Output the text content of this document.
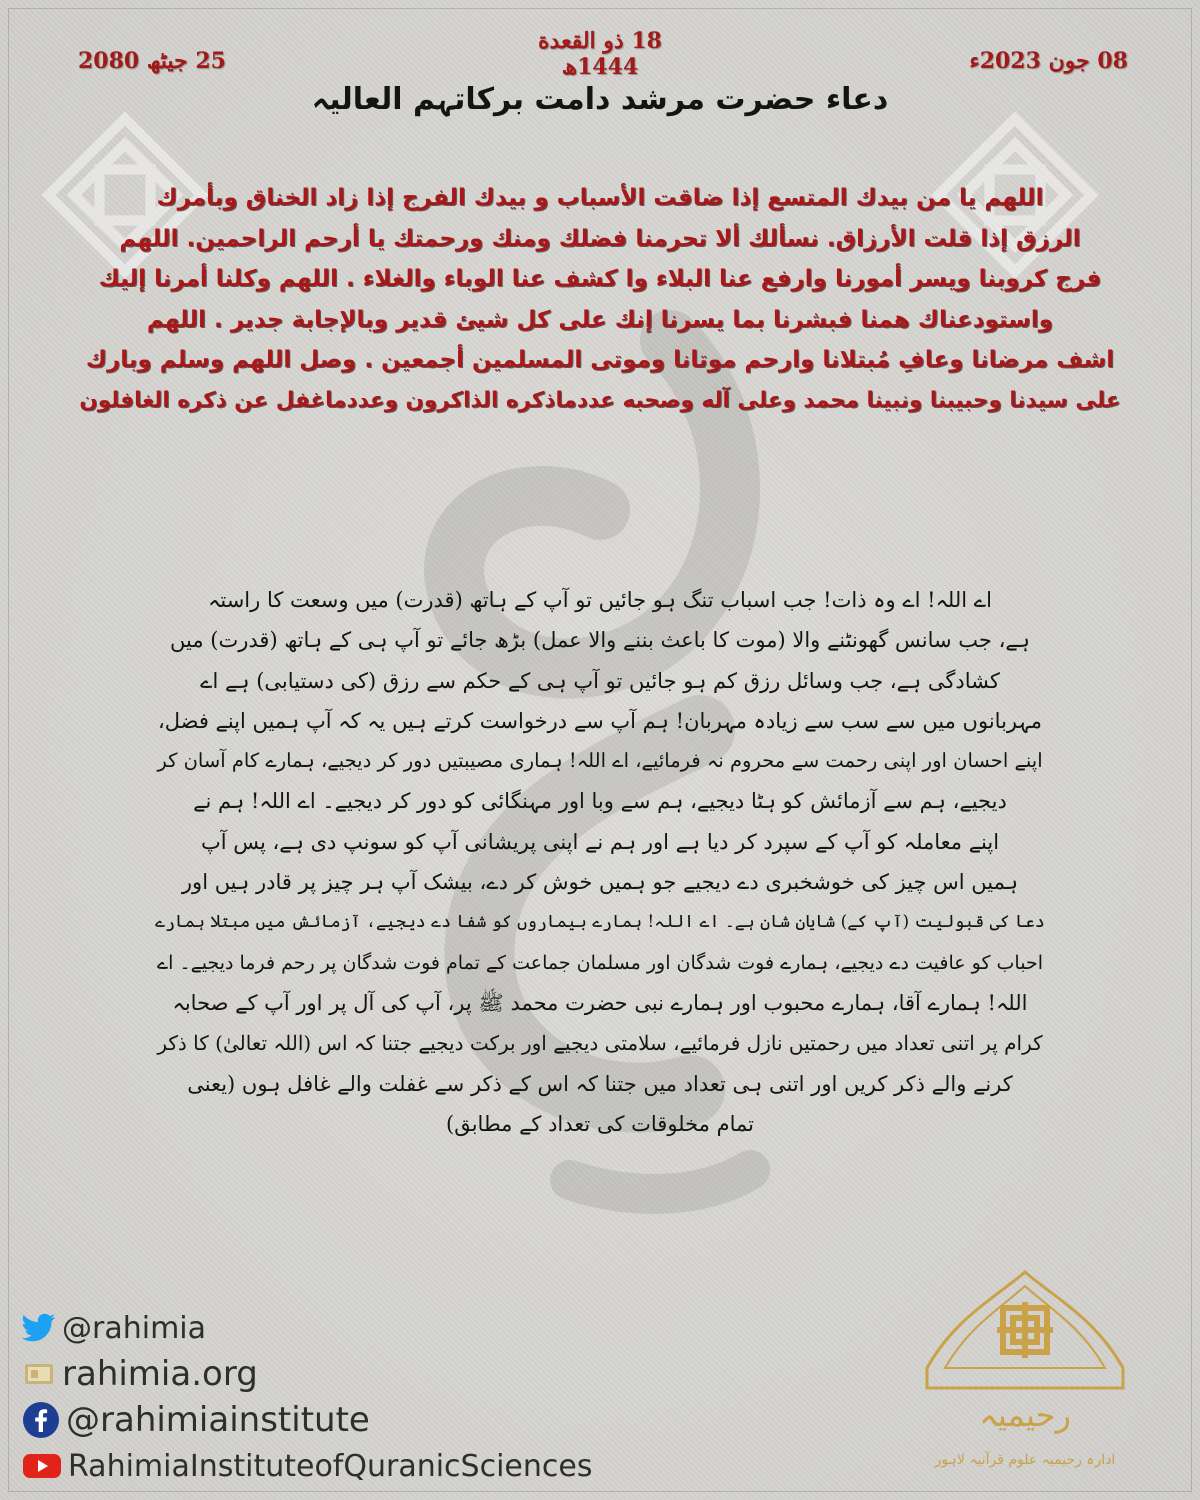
18 ذو القعدة 1444ھ	08 جون 2023ء
25 جیٹھ 2080
دعاء حضرت مرشد دامت برکاتہم العالیہ
اللھم یا من بیدك المتسع إذا ضاقت الأسباب و بیدك الفرج إذا زاد الخناق وبأمرك
الرزق إذا قلت الأرزاق. نسألك ألا تحرمنا فضلك ومنك ورحمتك یا أرحم الراحمین. اللھم
فرج كروبنا ویسر أمورنا وارفع عنا البلاء وا كشف عنا الوباء والغلاء . اللھم وكلنا أمرنا إلیك
واستودعناك ھمنا فبشرنا بما یسرنا إنك علی كل شیئ قدیر وبالإجابة جدیر . اللھم
اشف مرضانا وعافِ مُبتلانا وارحم موتانا وموتی المسلمین أجمعین . وصل اللھم وسلم وبارك
علی سیدنا وحبیبنا ونبینا محمد وعلی آله وصحبه عددماذکره الذاکرون وعددماغفل عن ذکره الغافلون
اے اللہ! اے وہ ذات! جب اسباب تنگ ہو جائیں تو آپ کے ہاتھ (قدرت) میں وسعت کا راستہ
ہے، جب سانس گھونٹنے والا (موت کا باعث بننے والا عمل) بڑھ جائے تو آپ ہی کے ہاتھ (قدرت) میں
کشادگی ہے، جب وسائل رزق کم ہو جائیں تو آپ ہی کے حکم سے رزق (کی دستیابی) ہے اے
مہربانوں میں سے سب سے زیادہ مہربان! ہم آپ سے درخواست کرتے ہیں یہ کہ آپ ہمیں اپنے فضل،
اپنے احسان اور اپنی رحمت سے محروم نہ فرمائیے، اے اللہ! ہماری مصیبتیں دور کر دیجیے، ہمارے کام آسان کر
دیجیے، ہم سے آزمائش کو ہٹا دیجیے، ہم سے وبا اور مہنگائی کو دور کر دیجیے۔ اے اللہ! ہم نے
اپنے معاملہ کو آپ کے سپرد کر دیا ہے اور ہم نے اپنی پریشانی آپ کو سونپ دی ہے، پس آپ
ہمیں اس چیز کی خوشخبری دے دیجیے جو ہمیں خوش کر دے، بیشک آپ ہر چیز پر قادر ہیں اور
دعا کی قبولیت (آپ کے) شایان شان ہے۔ اے اللہ! ہمارے بیماروں کو شفا دے دیجیے، آزمائش میں مبتلا ہمارے
احباب کو عافیت دے دیجیے، ہمارے فوت شدگان اور مسلمان جماعت کے تمام فوت شدگان پر رحم فرما دیجیے۔ اے
اللہ! ہمارے آقا، ہمارے محبوب اور ہمارے نبی حضرت محمد ﷺ پر، آپ کی آل پر اور آپ کے صحابہ
کرام پر اتنی تعداد میں رحمتیں نازل فرمائیے، سلامتی دیجیے اور برکت دیجیے جتنا کہ اس (اللہ تعالیٰ) کا ذکر
کرنے والے ذکر کریں اور اتنی ہی تعداد میں جتنا کہ اس کے ذکر سے غفلت والے غافل ہوں (یعنی
تمام مخلوقات کی تعداد کے مطابق)
@rahimia
rahimia.org
@rahimiainstitute
RahimiaInstituteofQuranicSciences
رحیمیہ
ادارہ رحیمیہ علوم قرآنیہ لاہور
